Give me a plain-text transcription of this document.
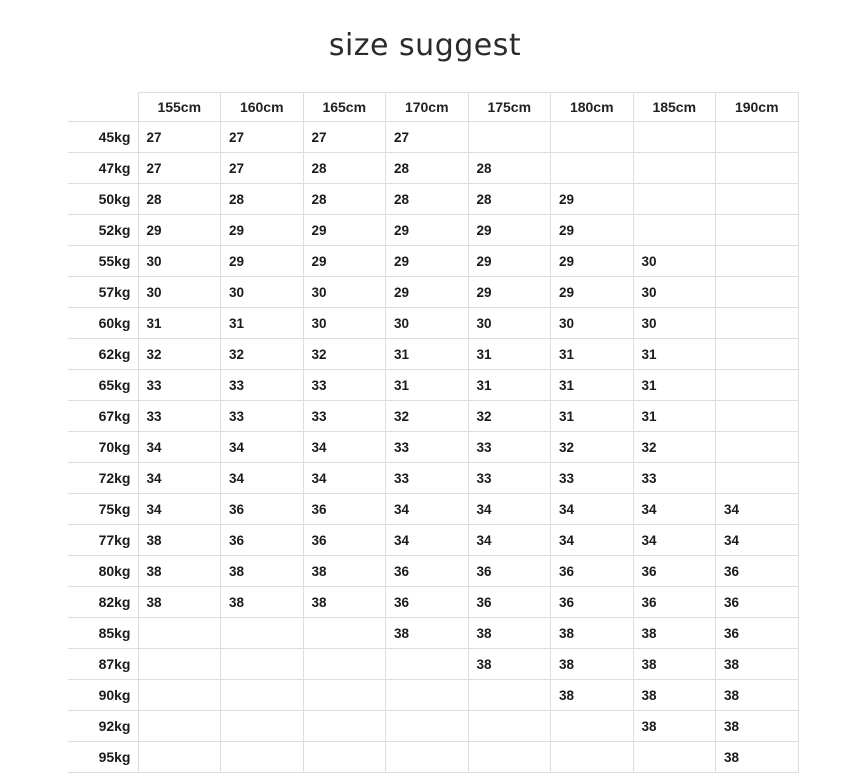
size suggest
	155cm	160cm	165cm	170cm	175cm	180cm	185cm	190cm
45kg	27	27	27	27				
47kg	27	27	28	28	28			
50kg	28	28	28	28	28	29		
52kg	29	29	29	29	29	29		
55kg	30	29	29	29	29	29	30	
57kg	30	30	30	29	29	29	30	
60kg	31	31	30	30	30	30	30	
62kg	32	32	32	31	31	31	31	
65kg	33	33	33	31	31	31	31	
67kg	33	33	33	32	32	31	31	
70kg	34	34	34	33	33	32	32	
72kg	34	34	34	33	33	33	33	
75kg	34	36	36	34	34	34	34	34
77kg	38	36	36	34	34	34	34	34
80kg	38	38	38	36	36	36	36	36
82kg	38	38	38	36	36	36	36	36
85kg				38	38	38	38	36
87kg					38	38	38	38
90kg						38	38	38
92kg							38	38
95kg								38
